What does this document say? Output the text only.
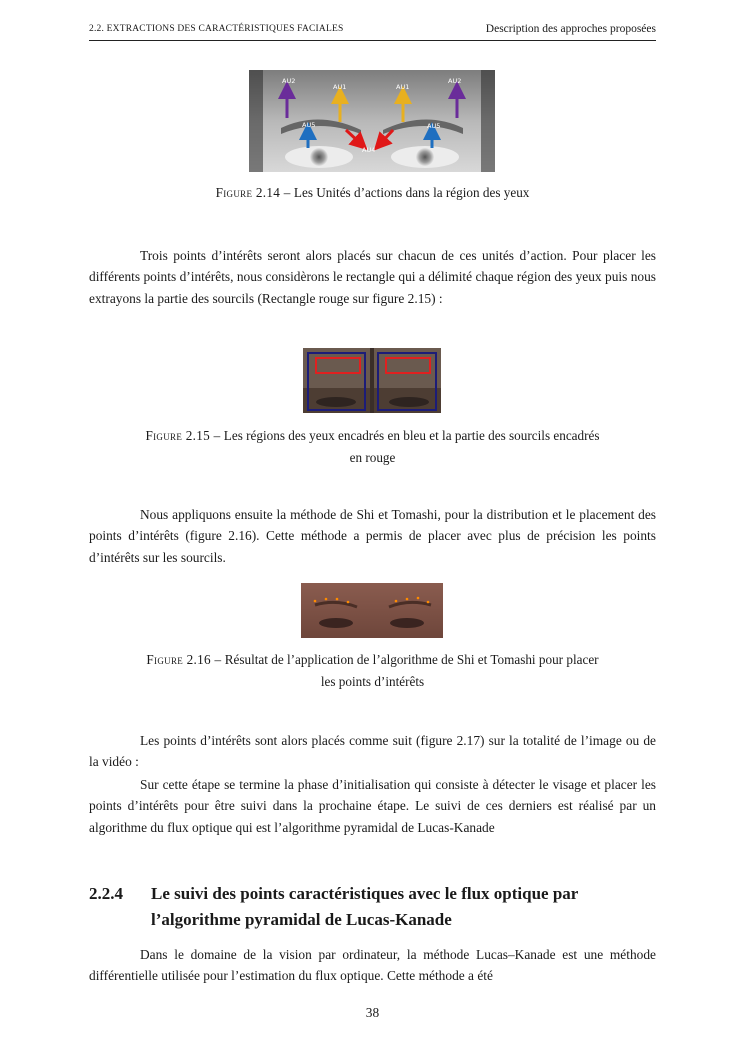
2.2. EXTRACTIONS DES CARACTÉRISTIQUES FACIALES	Description des approches proposées
AU2
AU1	AU1
AU2
AU5	AU5
AU4
Figure 2.14 – Les Unités d’actions dans la région des yeux

Trois points d’intérêts seront alors placés sur chacun de ces unités d’action. Pour placer les différents points d’intérêts, nous considèrons le rectangle qui a délimité chaque région des yeux puis nous extrayons la partie des sourcils (Rectangle rouge sur figure 2.15) :

Figure 2.15 – Les régions des yeux encadrés en bleu et la partie des sourcils encadrés
en rouge

Nous appliquons ensuite la méthode de Shi et Tomashi, pour la distribution et le placement des points d’intérêts (figure 2.16). Cette méthode a permis de placer avec plus de précision les points d’intérêts sur les sourcils.

Figure 2.16 – Résultat de l’application de l’algorithme de Shi et Tomashi pour placer
les points d’intérêts

Les points d’intérêts sont alors placés comme suit (figure 2.17) sur la totalité de l’image ou de la vidéo :

Sur cette étape se termine la phase d’initialisation qui consiste à détecter le visage et placer les points d’intérêts pour être suivi dans la prochaine étape. Le suivi de ces derniers est réalisé par un algorithme du flux optique qui est l’algorithme pyramidal de Lucas-Kanade

2.2.4 Le suivi des points caractéristiques avec le flux optique par l’algorithme pyramidal de Lucas-Kanade

Dans le domaine de la vision par ordinateur, la méthode Lucas–Kanade est une méthode différentielle utilisée pour l’estimation du flux optique. Cette méthode a été

38
